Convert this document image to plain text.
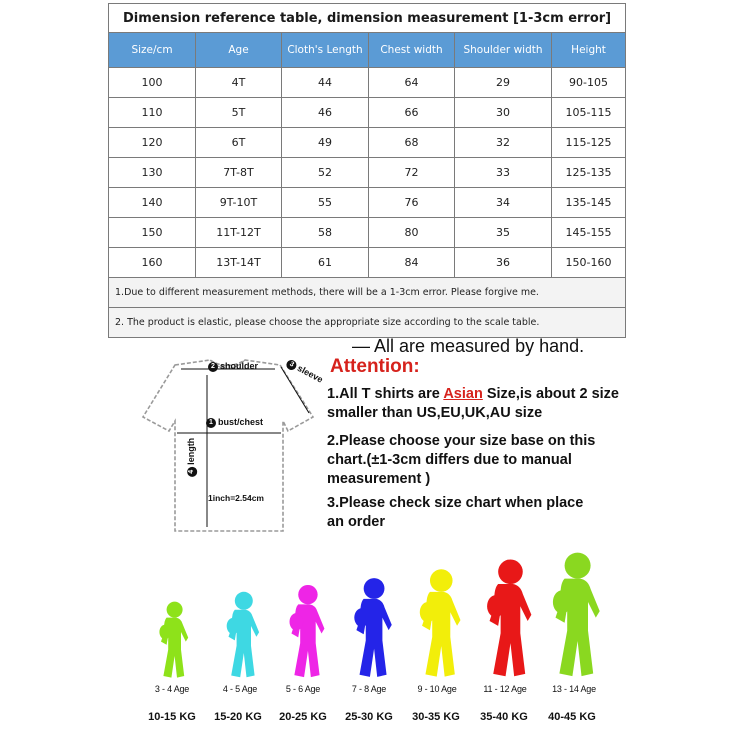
Dimension reference table, dimension measurement [1-3cm error]					
Size/cm	Age	Cloth's Length	Chest width	Shoulder width	Height
100	4T	44	64	29	90-105
110	5T	46	66	30	105-115
120	6T	49	68	32	115-125
130	7T-8T	52	72	33	125-135
140	9T-10T	55	76	34	135-145
150	11T-12T	58	80	35	145-155
160	13T-14T	61	84	36	150-160
1.Due to different measurement methods, there will be a 1-3cm error. Please forgive me.					
2. The product is elastic, please choose the appropriate size according to the scale table.					
— All are measured by hand.
2 shoulder	3sleeve
1 bust/chest
4length
1inch=2.54cm
Attention:
1.All T shirts are Asian Size,is about 2 size smaller than US,EU,UK,AU size
2.Please choose your size base on this chart.(±1-3cm differs due to manual measurement )
3.Please check size chart when place an order
3 - 4 Age	4 - 5 Age	5 - 6 Age	7 - 8 Age	9 - 10 Age	11 - 12 Age	13 - 14 Age
10-15 KG	15-20 KG	20-25 KG	25-30 KG	30-35 KG	35-40 KG	40-45 KG
